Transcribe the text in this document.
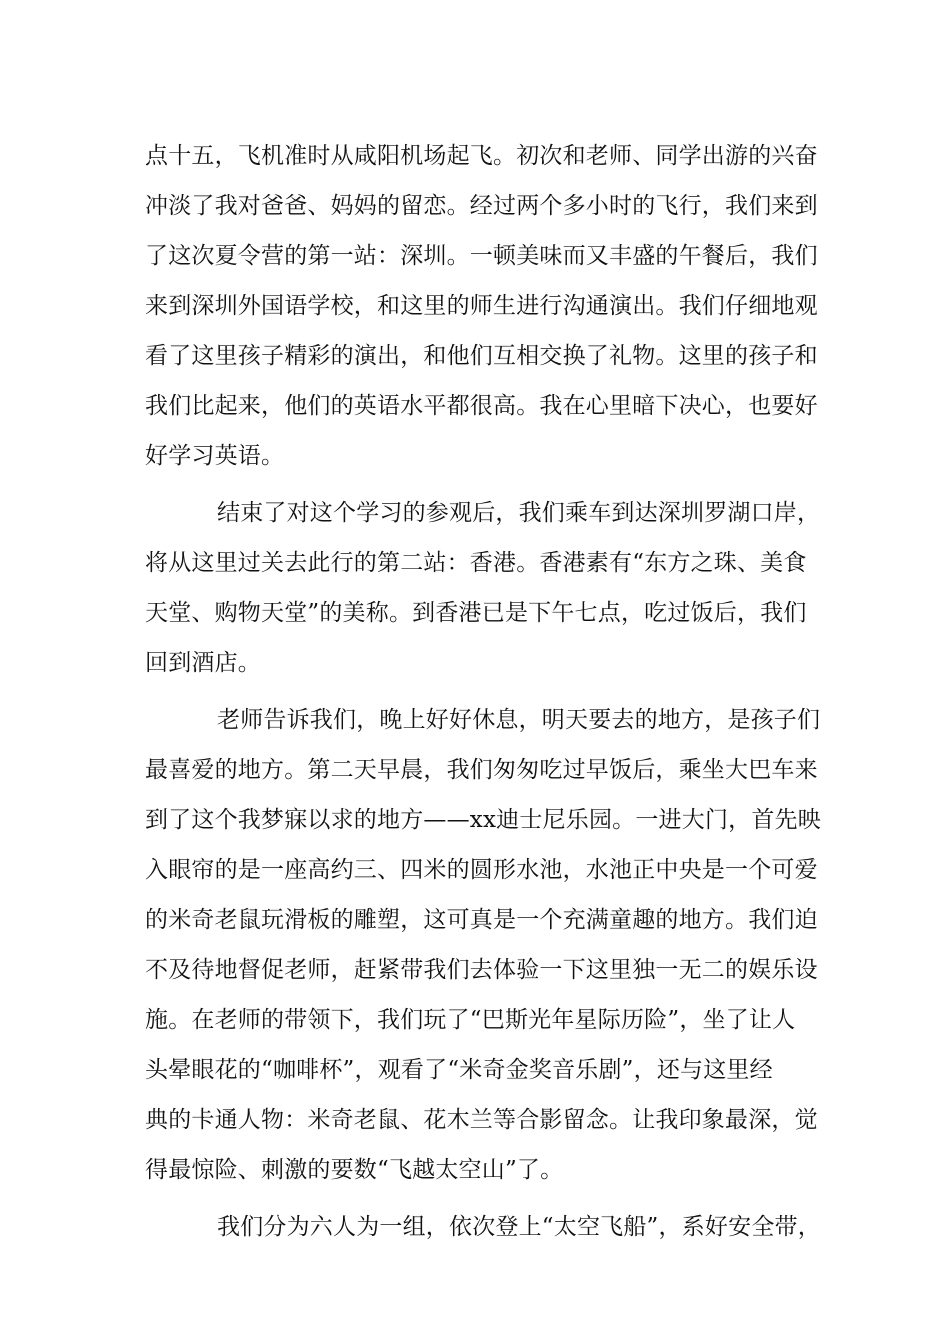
点十五，飞机准时从咸阳机场起飞。初次和老师、同学出游的兴奋
冲淡了我对爸爸、妈妈的留恋。经过两个多小时的飞行，我们来到
了这次夏令营的第一站：深圳。一顿美味而又丰盛的午餐后，我们
来到深圳外国语学校，和这里的师生进行沟通演出。我们仔细地观
看了这里孩子精彩的演出，和他们互相交换了礼物。这里的孩子和
我们比起来，他们的英语水平都很高。我在心里暗下决心，也要好
好学习英语。
结束了对这个学习的参观后，我们乘车到达深圳罗湖口岸，
将从这里过关去此行的第二站：香港。香港素有“东方之珠、美食
天堂、购物天堂”的美称。到香港已是下午七点，吃过饭后，我们
回到酒店。
老师告诉我们，晚上好好休息，明天要去的地方，是孩子们
最喜爱的地方。第二天早晨，我们匆匆吃过早饭后，乘坐大巴车来
到了这个我梦寐以求的地方——xx迪士尼乐园。一进大门，首先映
入眼帘的是一座高约三、四米的圆形水池，水池正中央是一个可爱
的米奇老鼠玩滑板的雕塑，这可真是一个充满童趣的地方。我们迫
不及待地督促老师，赶紧带我们去体验一下这里独一无二的娱乐设
施。在老师的带领下，我们玩了“巴斯光年星际历险”，坐了让人
头晕眼花的“咖啡杯”，观看了“米奇金奖音乐剧”，还与这里经
典的卡通人物：米奇老鼠、花木兰等合影留念。让我印象最深，觉
得最惊险、刺激的要数“飞越太空山”了。
我们分为六人为一组，依次登上“太空飞船”，系好安全带，
